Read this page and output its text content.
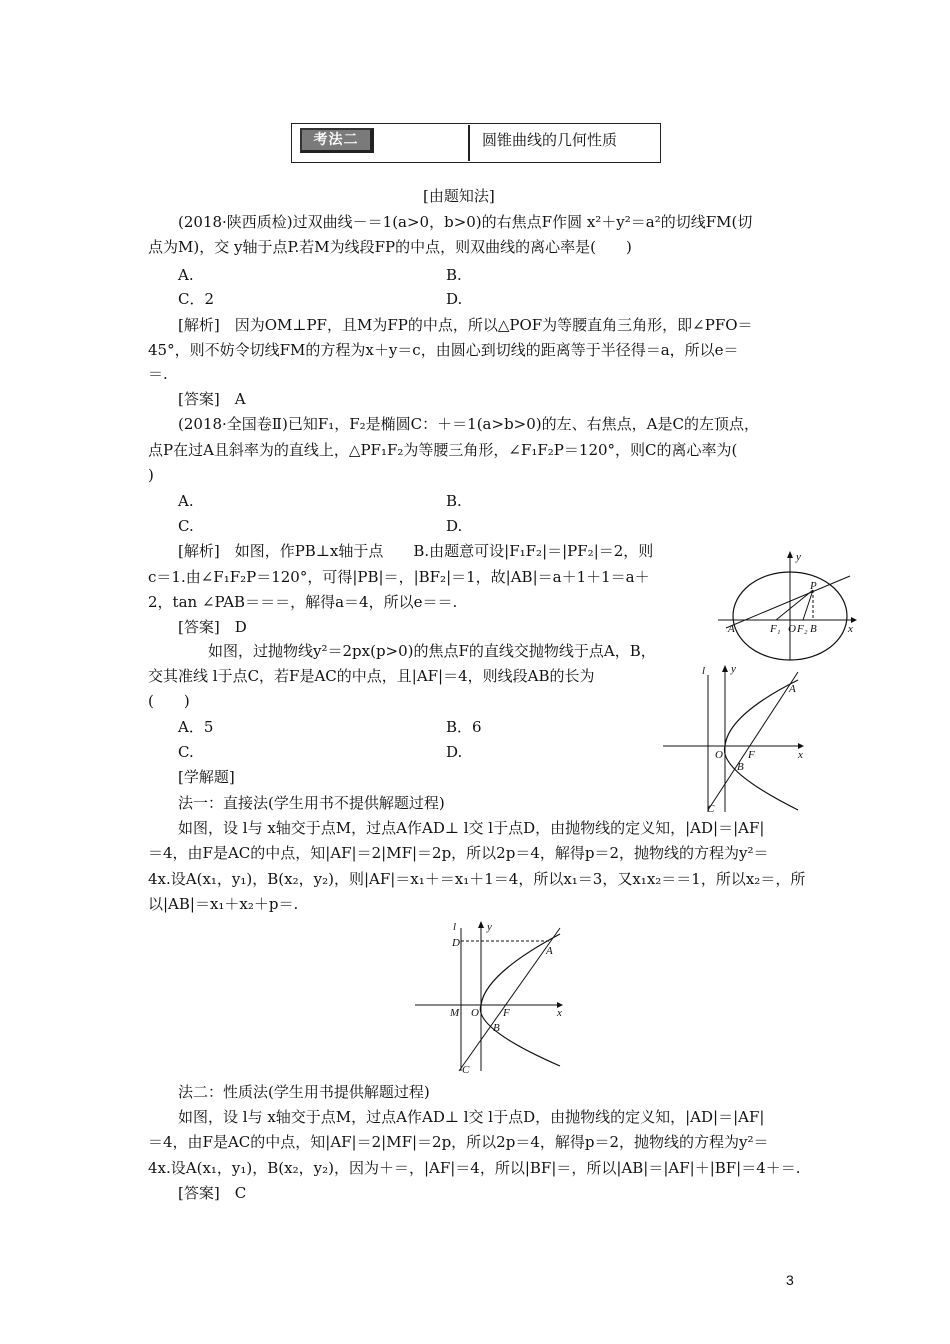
考法二	圆锥曲线的几何性质
[由题知法]
(2018·陕西质检)过双曲线－＝1(a>0，b>0)的右焦点F作圆 x²＋y²＝a²的切线FM(切
点为M)，交 y轴于点P.若M为线段FP的中点，则双曲线的离心率是(　　)
A.	B.
C．2	D.
[解析]　因为OM⊥PF，且M为FP的中点，所以△POF为等腰直角三角形，即∠PFO＝
45°，则不妨令切线FM的方程为x＋y＝c，由圆心到切线的距离等于半径得＝a，所以e＝
＝.
[答案]　A
(2018·全国卷Ⅱ)已知F₁，F₂是椭圆C：＋＝1(a>b>0)的左、右焦点，A是C的左顶点，
点P在过A且斜率为的直线上，△PF₁F₂为等腰三角形，∠F₁F₂P＝120°，则C的离心率为(
)
A.	B.
C.	D.
[解析]　如图，作PB⊥x轴于点　　B.由题意可设|F₁F₂|＝|PF₂|＝2，则
c＝1.由∠F₁F₂P＝120°，可得|PB|＝，|BF₂|＝1，故|AB|＝a＋1＋1＝a＋
2，tan ∠PAB＝＝＝，解得a＝4，所以e＝＝.
[答案]　D
y
x
A	F₁ O F₂ B
P
如图，过抛物线y²＝2px(p>0)的焦点F的直线交抛物线于点A，B，
交其准线 l于点C，若F是AC的中点，且|AF|＝4，则线段AB的长为
(　　)
A．5	B．6
C.	D.
l y
x
O F
B
A
C
[学解题]
法一：直接法(学生用书不提供解题过程)
如图，设 l与 x轴交于点M，过点A作AD⊥ l交 l于点D，由抛物线的定义知，|AD|＝|AF|
＝4，由F是AC的中点，知|AF|＝2|MF|＝2p，所以2p＝4，解得p＝2，抛物线的方程为y²＝
4x.设A(x₁，y₁)，B(x₂，y₂)，则|AF|＝x₁＋＝x₁＋1＝4，所以x₁＝3，又x₁x₂＝＝1，所以x₂＝，所
以|AB|＝x₁＋x₂＋p＝.
l	y
x
D
A
M O F
B
C
法二：性质法(学生用书提供解题过程)
如图，设 l与 x轴交于点M，过点A作AD⊥ l交 l于点D，由抛物线的定义知，|AD|＝|AF|
＝4，由F是AC的中点，知|AF|＝2|MF|＝2p，所以2p＝4，解得p＝2，抛物线的方程为y²＝
4x.设A(x₁，y₁)，B(x₂，y₂)，因为＋＝，|AF|＝4，所以|BF|＝，所以|AB|＝|AF|＋|BF|＝4＋＝.
[答案]　C
3
